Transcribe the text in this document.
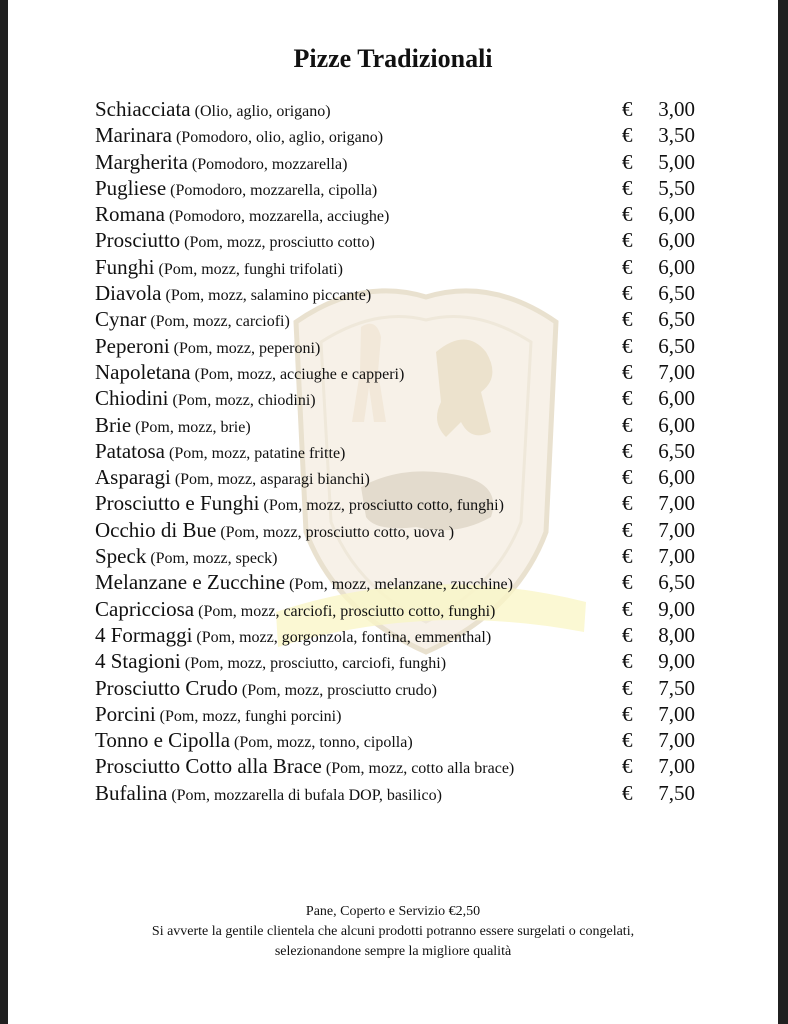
Pizze Tradizionali
Schiacciata (Olio, aglio, origano)	€ 3,00
Marinara (Pomodoro, olio, aglio, origano)	€ 3,50
Margherita (Pomodoro, mozzarella)	€ 5,00
Pugliese (Pomodoro, mozzarella, cipolla)	€ 5,50
Romana (Pomodoro, mozzarella, acciughe)	€ 6,00
Prosciutto (Pom, mozz, prosciutto cotto)	€ 6,00
Funghi (Pom, mozz, funghi trifolati)	€ 6,00
Diavola (Pom, mozz, salamino piccante)	€ 6,50
Cynar (Pom, mozz, carciofi)	€ 6,50
Peperoni (Pom, mozz, peperoni)	€ 6,50
Napoletana (Pom, mozz, acciughe e capperi)	€ 7,00
Chiodini (Pom, mozz, chiodini)	€ 6,00
Brie (Pom, mozz, brie)	€ 6,00
Patatosa (Pom, mozz, patatine fritte)	€ 6,50
Asparagi (Pom, mozz, asparagi bianchi)	€ 6,00
Prosciutto e Funghi (Pom, mozz, prosciutto cotto, funghi)	€ 7,00
Occhio di Bue (Pom, mozz, prosciutto cotto, uova )	€ 7,00
Speck (Pom, mozz, speck)	€ 7,00
Melanzane e Zucchine (Pom, mozz, melanzane, zucchine)	€ 6,50
Capricciosa (Pom, mozz, carciofi, prosciutto cotto, funghi)	€ 9,00
4 Formaggi (Pom, mozz, gorgonzola, fontina, emmenthal)	€ 8,00
4 Stagioni (Pom, mozz, prosciutto, carciofi, funghi)	€ 9,00
Prosciutto Crudo (Pom, mozz, prosciutto crudo)	€ 7,50
Porcini (Pom, mozz, funghi porcini)	€ 7,00
Tonno e Cipolla (Pom, mozz, tonno, cipolla)	€ 7,00
Prosciutto Cotto alla Brace (Pom, mozz, cotto alla brace)	€ 7,00
Bufalina (Pom, mozzarella di bufala DOP, basilico)	€ 7,50
Pane, Coperto e Servizio €2,50
Si avverte la gentile clientela che alcuni prodotti potranno essere surgelati o congelati,
selezionandone sempre la migliore qualità
